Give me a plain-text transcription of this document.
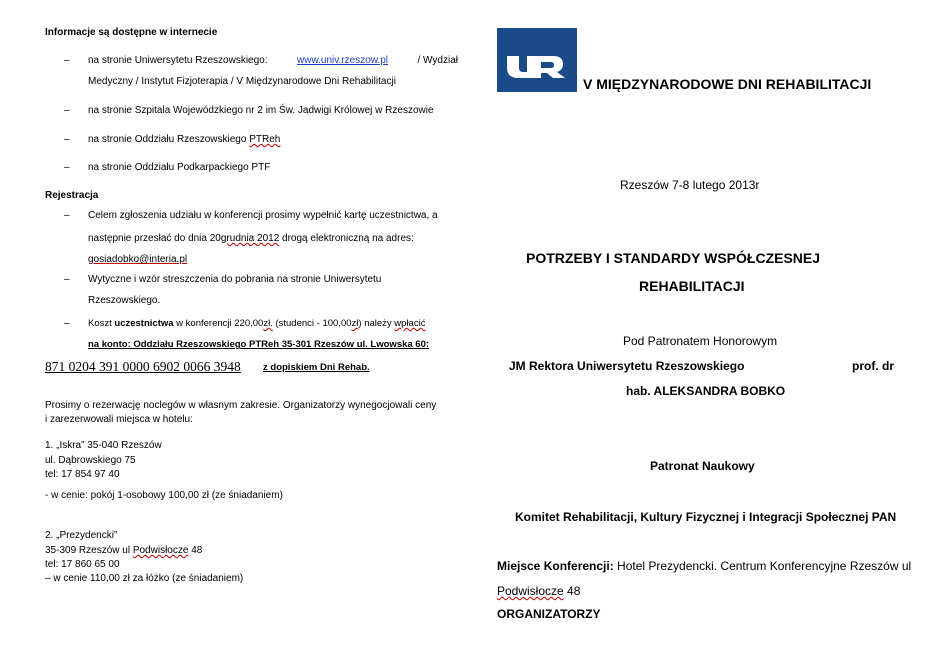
Informacje są dostępne w internecie
– na stronie Uniwersytetu Rzeszowskiego:	www.univ.rzeszow.pl	/ Wydział
Medyczny / Instytut Fizjoterapia / V Międzynarodowe Dni Rehabilitacji
– na stronie Szpitala Wojewódzkiego nr 2 im Św. Jadwigi Królowej w Rzeszowie
– na stronie Oddziału Rzeszowskiego PTReh
– na stronie Oddziału Podkarpackiego PTF
Rejestracja
– Celem zgłoszenia udziału w konferencji prosimy wypełnić kartę uczestnictwa, a
następnie przesłać do dnia 20grudnia 2012 drogą elektroniczną na adres:
gosiadobko@interia.pl
– Wytyczne i wzór streszczenia do pobrania na stronie Uniwersytetu
Rzeszowskiego.
– Koszt uczestnictwa w konferencji 220,00zł. (studenci - 100,00zł) należy wpłacić
na konto: Oddziału Rzeszowskiego PTReh 35-301 Rzeszów ul. Lwowska 60:
871 0204 391 0000 6902 0066 3948 z dopiskiem Dni Rehab.
Prosimy o rezerwację noclegów w własnym zakresie. Organizatorzy wynegocjowali ceny
i zarezerwowali miejsca w hotelu:
1. „Iskra” 35-040 Rzeszów
ul. Dąbrowskiego 75
tel: 17 854 97 40
- w cenie: pokój 1-osobowy 100,00 zł (ze śniadaniem)
2. „Prezydencki”
35-309 Rzeszów ul Podwisłocze 48
tel: 17 860 65 00
– w cenie 110,00 zł za łóżko (ze śniadaniem)
V MIĘDZYNARODOWE DNI REHABILITACJI
Rzeszów 7-8 lutego 2013r
POTRZEBY I STANDARDY WSPÓŁCZESNEJ
REHABILITACJI
Pod Patronatem Honorowym
JM Rektora Uniwersytetu Rzeszowskiego	prof. dr
hab. ALEKSANDRA BOBKO
Patronat Naukowy
Komitet Rehabilitacji, Kultury Fizycznej i Integracji Społecznej PAN
Miejsce Konferencji: Hotel Prezydencki. Centrum Konferencyjne Rzeszów ul
Podwisłocze 48
ORGANIZATORZY
